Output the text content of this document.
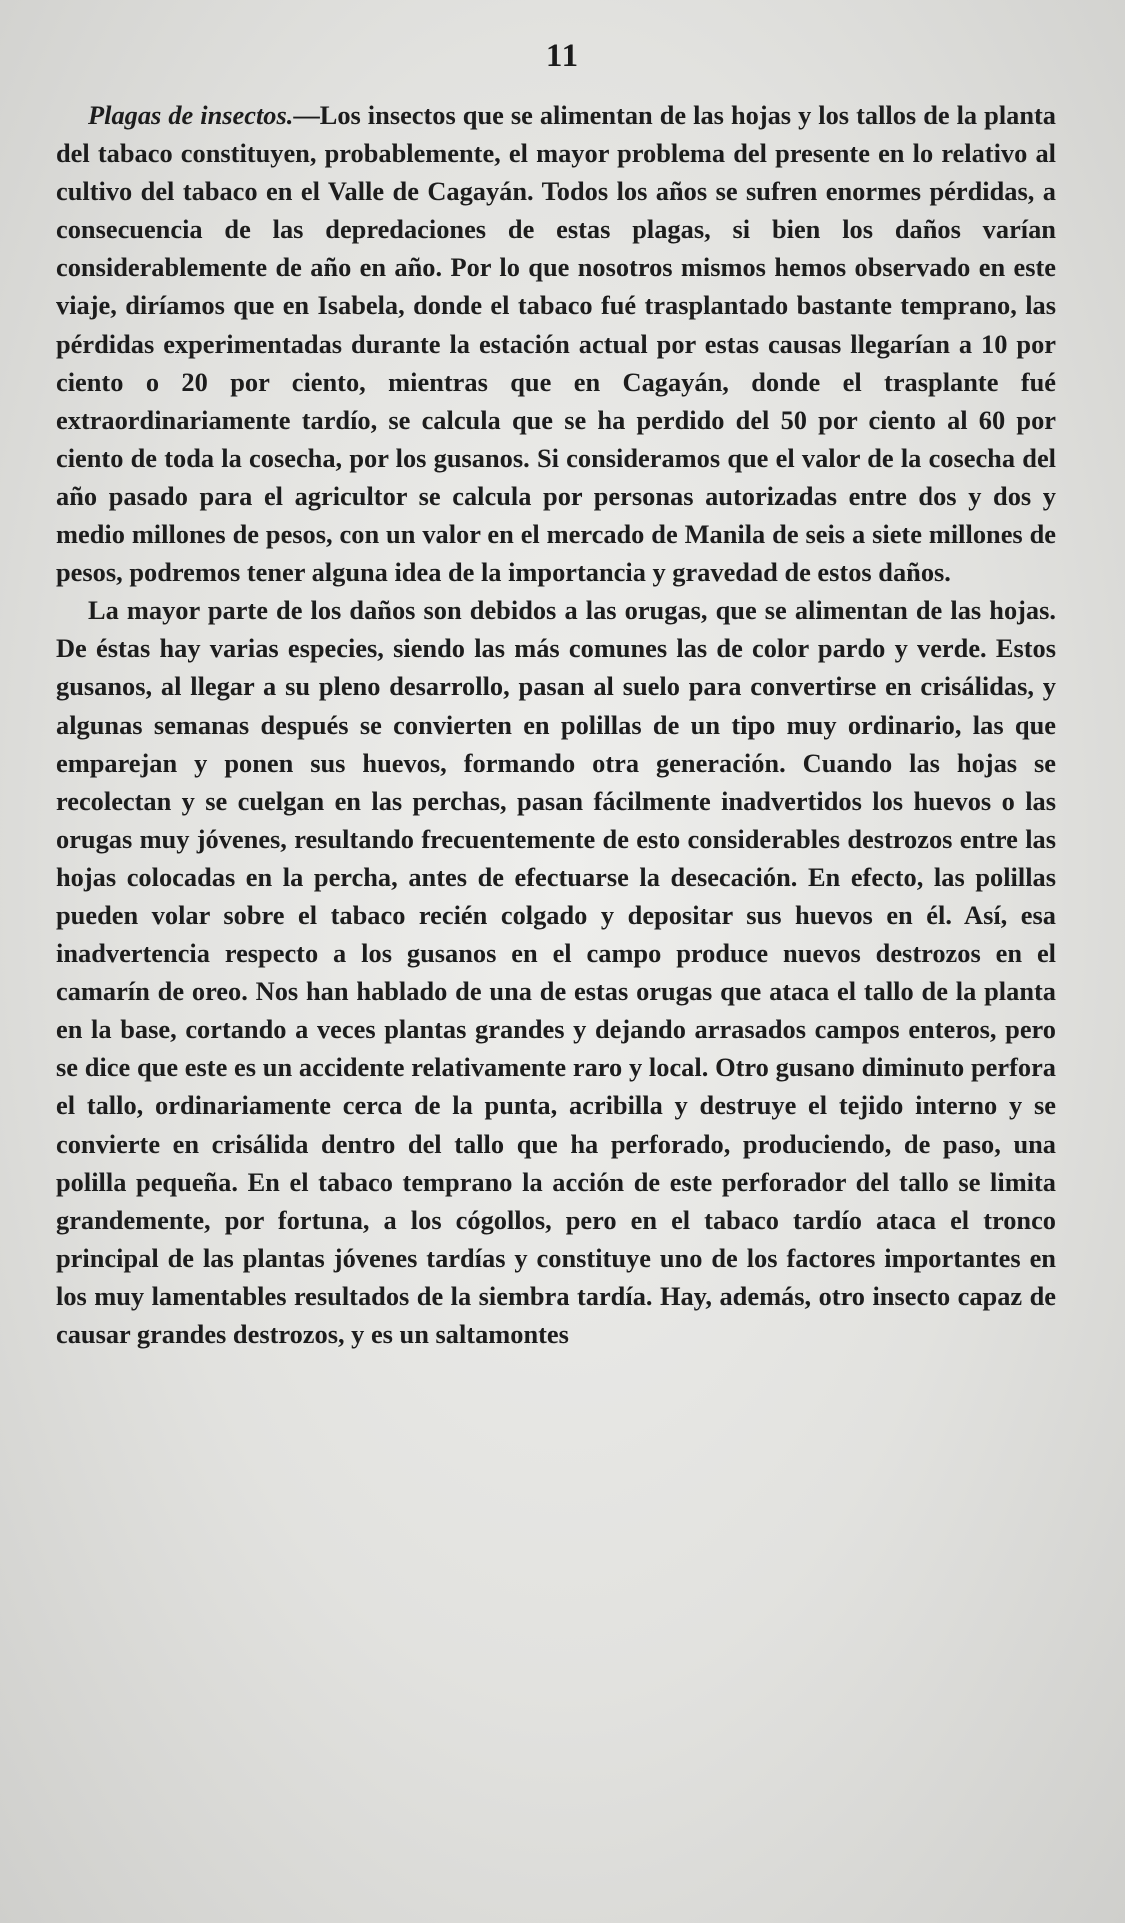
11

Plagas de insectos.—Los insectos que se alimentan de las hojas y los tallos de la planta del tabaco constituyen, probablemente, el mayor problema del presente en lo relativo al cultivo del tabaco en el Valle de Cagayán. Todos los años se sufren enormes pérdidas, a consecuencia de las depredaciones de estas plagas, si bien los daños varían considerablemente de año en año. Por lo que nosotros mismos hemos observado en este viaje, diríamos que en Isabela, donde el tabaco fué trasplantado bastante temprano, las pérdidas experimentadas durante la estación actual por estas causas llegarían a 10 por ciento o 20 por ciento, mientras que en Cagayán, donde el trasplante fué extraordinariamente tardío, se calcula que se ha perdido del 50 por ciento al 60 por ciento de toda la cosecha, por los gusanos. Si consideramos que el valor de la cosecha del año pasado para el agricultor se calcula por personas autorizadas entre dos y dos y medio millones de pesos, con un valor en el mercado de Manila de seis a siete millones de pesos, podremos tener alguna idea de la importancia y gravedad de estos daños.

La mayor parte de los daños son debidos a las orugas, que se alimentan de las hojas. De éstas hay varias especies, siendo las más comunes las de color pardo y verde. Estos gusanos, al llegar a su pleno desarrollo, pasan al suelo para convertirse en crisálidas, y algunas semanas después se convierten en polillas de un tipo muy ordinario, las que emparejan y ponen sus huevos, formando otra generación. Cuando las hojas se recolectan y se cuelgan en las perchas, pasan fácilmente inadvertidos los huevos o las orugas muy jóvenes, resultando frecuentemente de esto considerables destrozos entre las hojas colocadas en la percha, antes de efectuarse la desecación. En efecto, las polillas pueden volar sobre el tabaco recién colgado y depositar sus huevos en él. Así, esa inadvertencia respecto a los gusanos en el campo produce nuevos destrozos en el camarín de oreo. Nos han hablado de una de estas orugas que ataca el tallo de la planta en la base, cortando a veces plantas grandes y dejando arrasados campos enteros, pero se dice que este es un accidente relativamente raro y local. Otro gusano diminuto perfora el tallo, ordinariamente cerca de la punta, acribilla y destruye el tejido interno y se convierte en crisálida dentro del tallo que ha perforado, produciendo, de paso, una polilla pequeña. En el tabaco temprano la acción de este perforador del tallo se limita grandemente, por fortuna, a los cógollos, pero en el tabaco tardío ataca el tronco principal de las plantas jóvenes tardías y constituye uno de los factores importantes en los muy lamentables resultados de la siembra tardía. Hay, además, otro insecto capaz de causar grandes destrozos, y es un saltamontes
